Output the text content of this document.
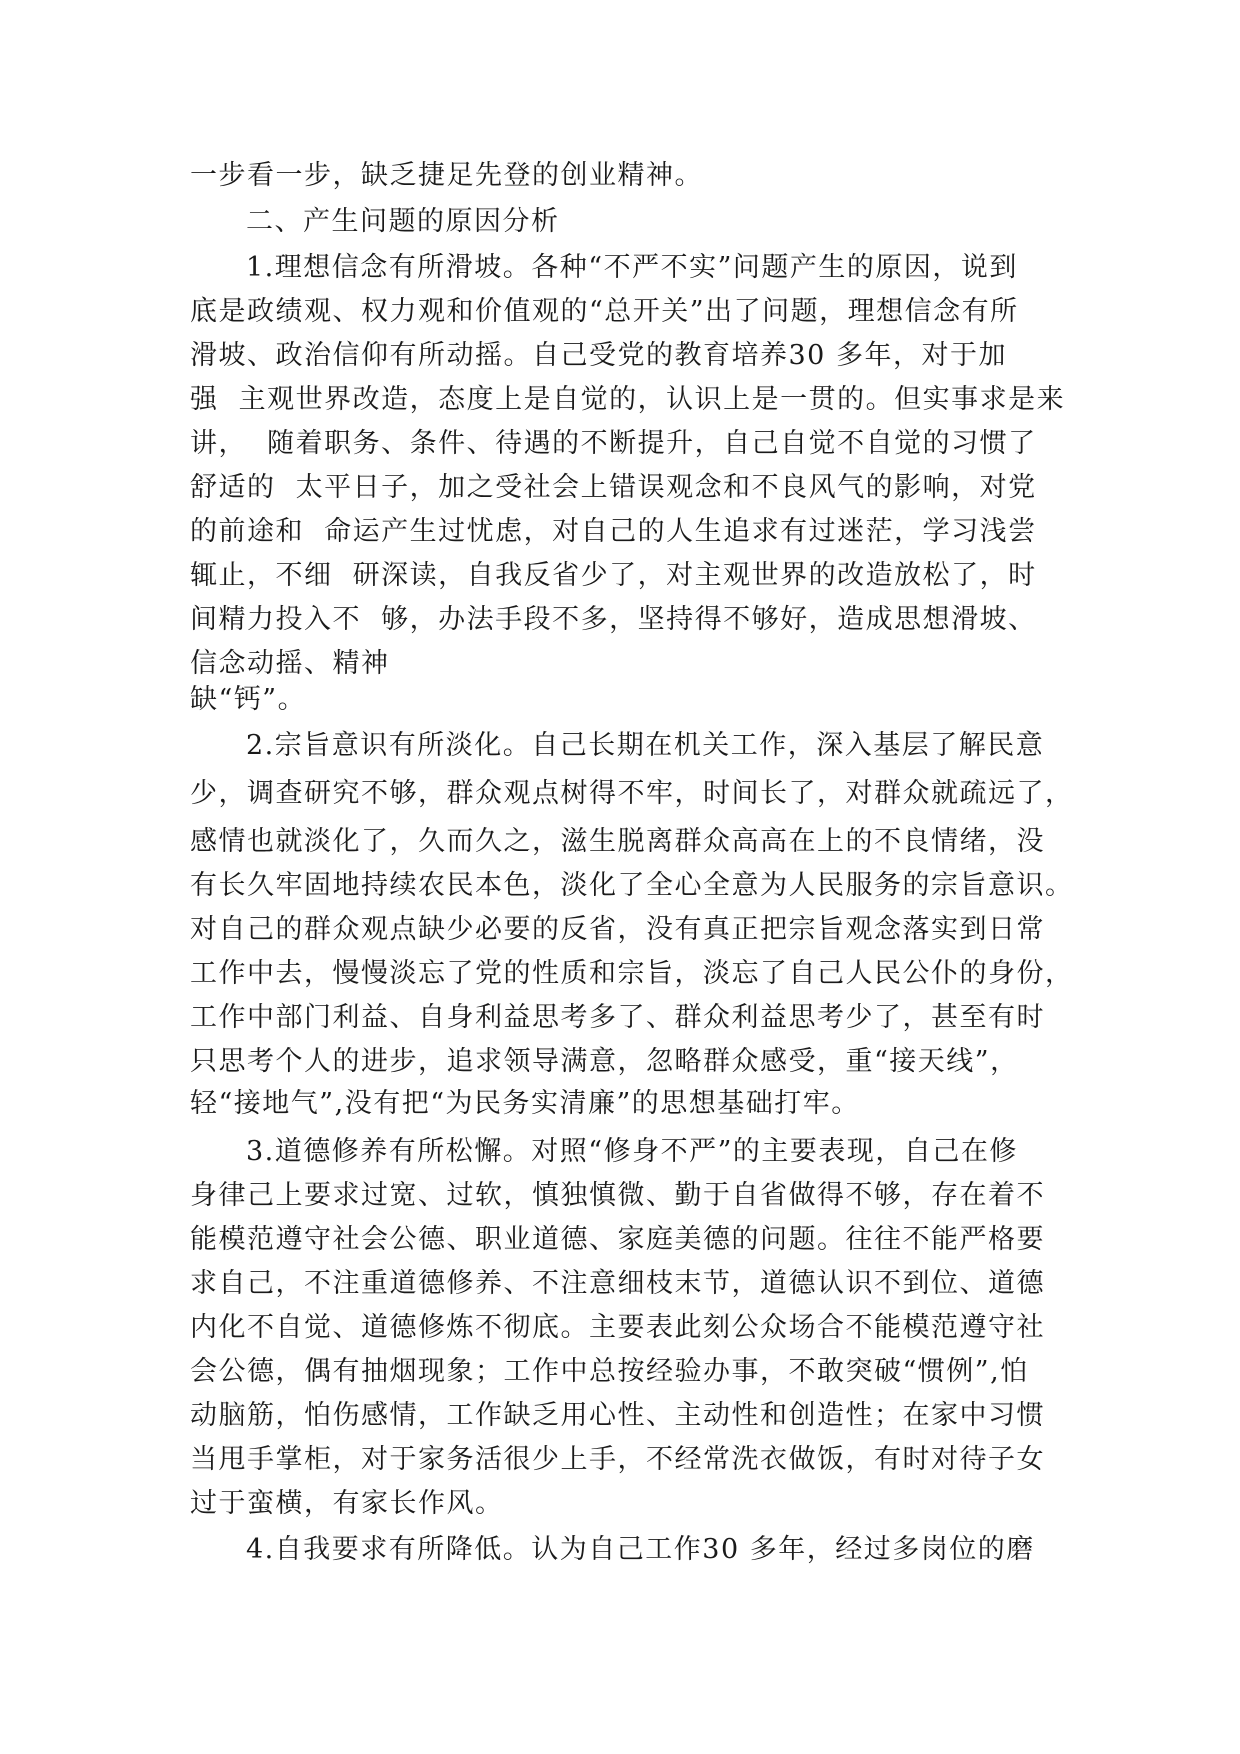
一步看一步，缺乏捷足先登的创业精神。

二、产生问题的原因分析

1.理想信念有所滑坡。各种“不严不实”问题产生的原因，说到

底是政绩观、权力观和价值观的“总开关”出了问题，理想信念有所

滑坡、政治信仰有所动摇。自己受党的教育培养30 多年，对于加

强  主观世界改造，态度上是自觉的，认识上是一贯的。但实事求是来

讲，  随着职务、条件、待遇的不断提升，自己自觉不自觉的习惯了

舒适的  太平日子，加之受社会上错误观念和不良风气的影响，对党

的前途和  命运产生过忧虑，对自己的人生追求有过迷茫，学习浅尝

辄止，不细  研深读，自我反省少了，对主观世界的改造放松了，时

间精力投入不  够，办法手段不多，坚持得不够好，造成思想滑坡、

信念动摇、精神

缺“钙”。

2.宗旨意识有所淡化。自己长期在机关工作，深入基层了解民意

少，调查研究不够，群众观点树得不牢，时间长了，对群众就疏远了，

感情也就淡化了，久而久之，滋生脱离群众高高在上的不良情绪，没

有长久牢固地持续农民本色，淡化了全心全意为人民服务的宗旨意识。

对自己的群众观点缺少必要的反省，没有真正把宗旨观念落实到日常

工作中去，慢慢淡忘了党的性质和宗旨，淡忘了自己人民公仆的身份，

工作中部门利益、自身利益思考多了、群众利益思考少了，甚至有时

只思考个人的进步，追求领导满意，忽略群众感受，重“接天线”，

轻“接地气”,没有把“为民务实清廉”的思想基础打牢。

3.道德修养有所松懈。对照“修身不严”的主要表现，自己在修

身律己上要求过宽、过软，慎独慎微、勤于自省做得不够，存在着不

能模范遵守社会公德、职业道德、家庭美德的问题。往往不能严格要

求自己，不注重道德修养、不注意细枝末节，道德认识不到位、道德

内化不自觉、道德修炼不彻底。主要表此刻公众场合不能模范遵守社

会公德，偶有抽烟现象；工作中总按经验办事，不敢突破“惯例”,怕

动脑筋，怕伤感情，工作缺乏用心性、主动性和创造性；在家中习惯

当甩手掌柜，对于家务活很少上手，不经常洗衣做饭，有时对待子女

过于蛮横，有家长作风。

4.自我要求有所降低。认为自己工作30 多年，经过多岗位的磨
